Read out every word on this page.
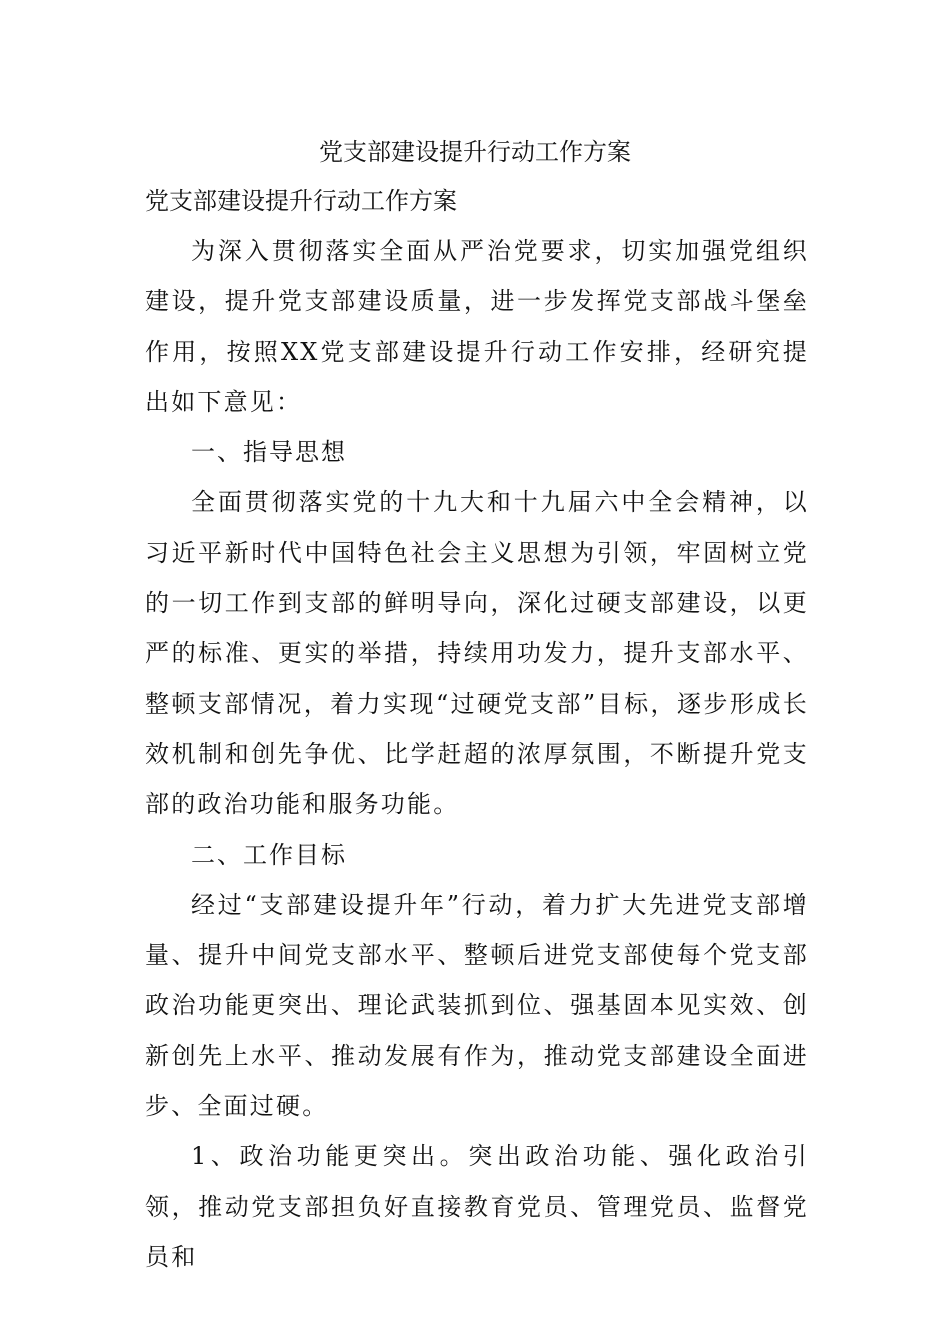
党支部建设提升行动工作方案

党支部建设提升行动工作方案

为深入贯彻落实全面从严治党要求，切实加强党组织建设，提升党支部建设质量，进一步发挥党支部战斗堡垒作用，按照XX党支部建设提升行动工作安排，经研究提出如下意见：

一、指导思想

全面贯彻落实党的十九大和十九届六中全会精神，以习近平新时代中国特色社会主义思想为引领，牢固树立党的一切工作到支部的鲜明导向，深化过硬支部建设，以更严的标准、更实的举措，持续用功发力，提升支部水平、整顿支部情况，着力实现“过硬党支部”目标，逐步形成长效机制和创先争优、比学赶超的浓厚氛围，不断提升党支部的政治功能和服务功能。

二、工作目标

经过“支部建设提升年”行动，着力扩大先进党支部增量、提升中间党支部水平、整顿后进党支部使每个党支部政治功能更突出、理论武装抓到位、强基固本见实效、创新创先上水平、推动发展有作为，推动党支部建设全面进步、全面过硬。

1、政治功能更突出。突出政治功能、强化政治引领，推动党支部担负好直接教育党员、管理党员、监督党员和
